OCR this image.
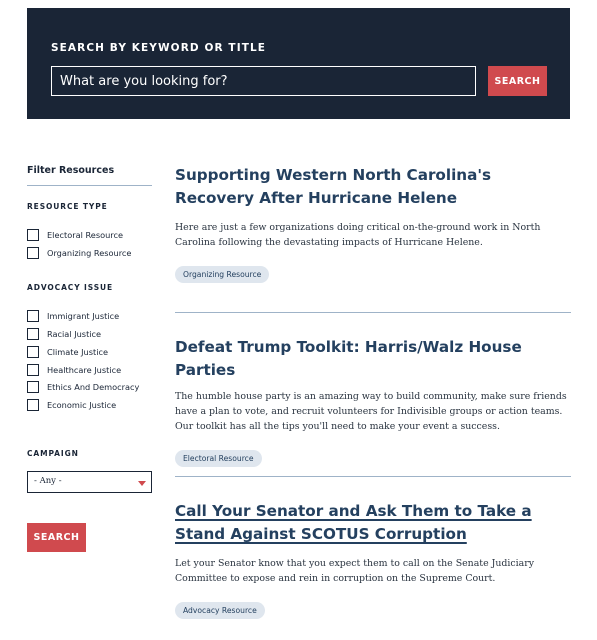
SEARCH BY KEYWORD OR TITLE
What are you looking for?
SEARCH
Filter Resources
RESOURCE TYPE
Electoral Resource
Organizing Resource
ADVOCACY ISSUE
Immigrant Justice
Racial Justice
Climate Justice
Healthcare Justice
Ethics And Democracy
Economic Justice
CAMPAIGN
- Any -
SEARCH
Supporting Western North Carolina's Recovery After Hurricane Helene

Here are just a few organizations doing critical on-the-ground work in North Carolina following the devastating impacts of Hurricane Helene.

Organizing Resource
Defeat Trump Toolkit: Harris/Walz House Parties

The humble house party is an amazing way to build community, make sure friends have a plan to vote, and recruit volunteers for Indivisible groups or action teams. Our toolkit has all the tips you'll need to make your event a success.

Electoral Resource
Call Your Senator and Ask Them to Take a Stand Against SCOTUS Corruption

Let your Senator know that you expect them to call on the Senate Judiciary Committee to expose and rein in corruption on the Supreme Court.

Advocacy Resource
